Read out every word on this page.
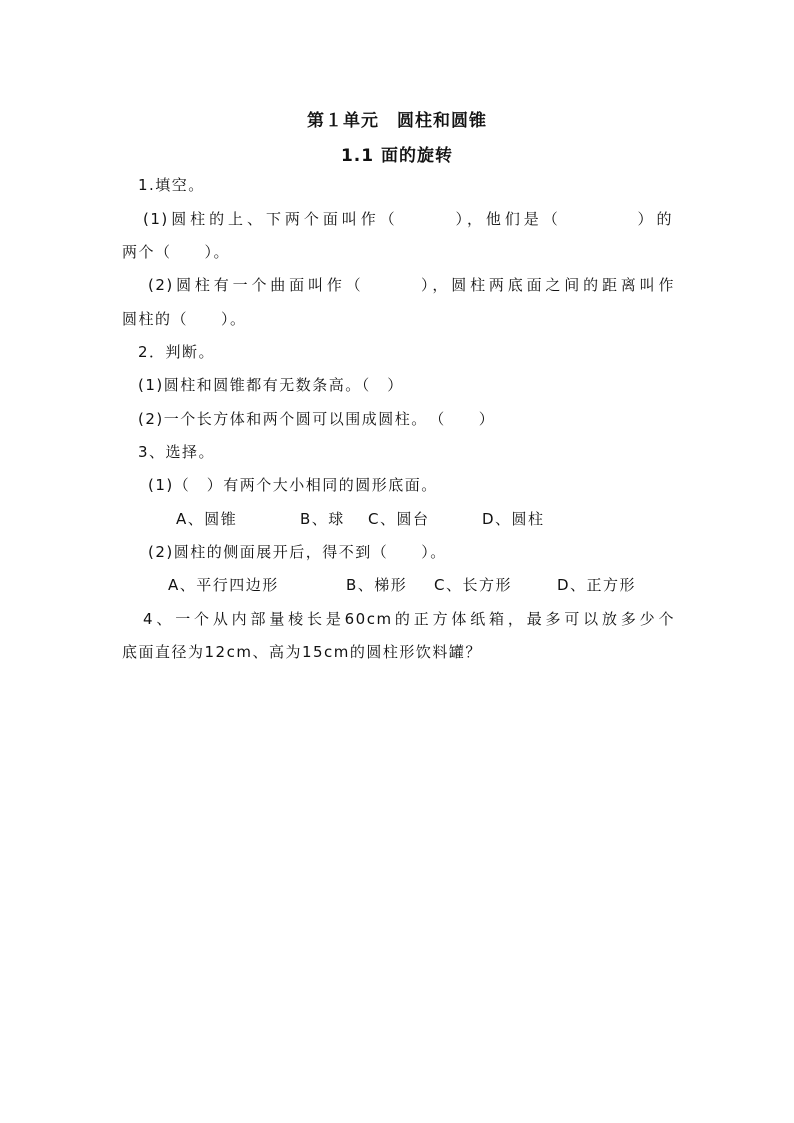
第１单元　圆柱和圆锥
1.1 面的旋转
1.填空。
(1)圆柱的上、下两个面叫作（　　　），他们是（　　　　）的
两个（　　）。
(2)圆柱有一个曲面叫作（　　　），圆柱两底面之间的距离叫作
圆柱的（　　）。
2．判断。
(1)圆柱和圆锥都有无数条高。（　）
(2)一个长方体和两个圆可以围成圆柱。　（　　）
3、选择。
(1)（　）有两个大小相同的圆形底面。
A、圆锥	B、球 C、圆台	D、圆柱
(2)圆柱的侧面展开后，得不到（　　）。
A、平行四边形	B、梯形 C、长方形	D、正方形
4、一个从内部量棱长是60cm的正方体纸箱，最多可以放多少个
底面直径为12cm、高为15cm的圆柱形饮料罐？
